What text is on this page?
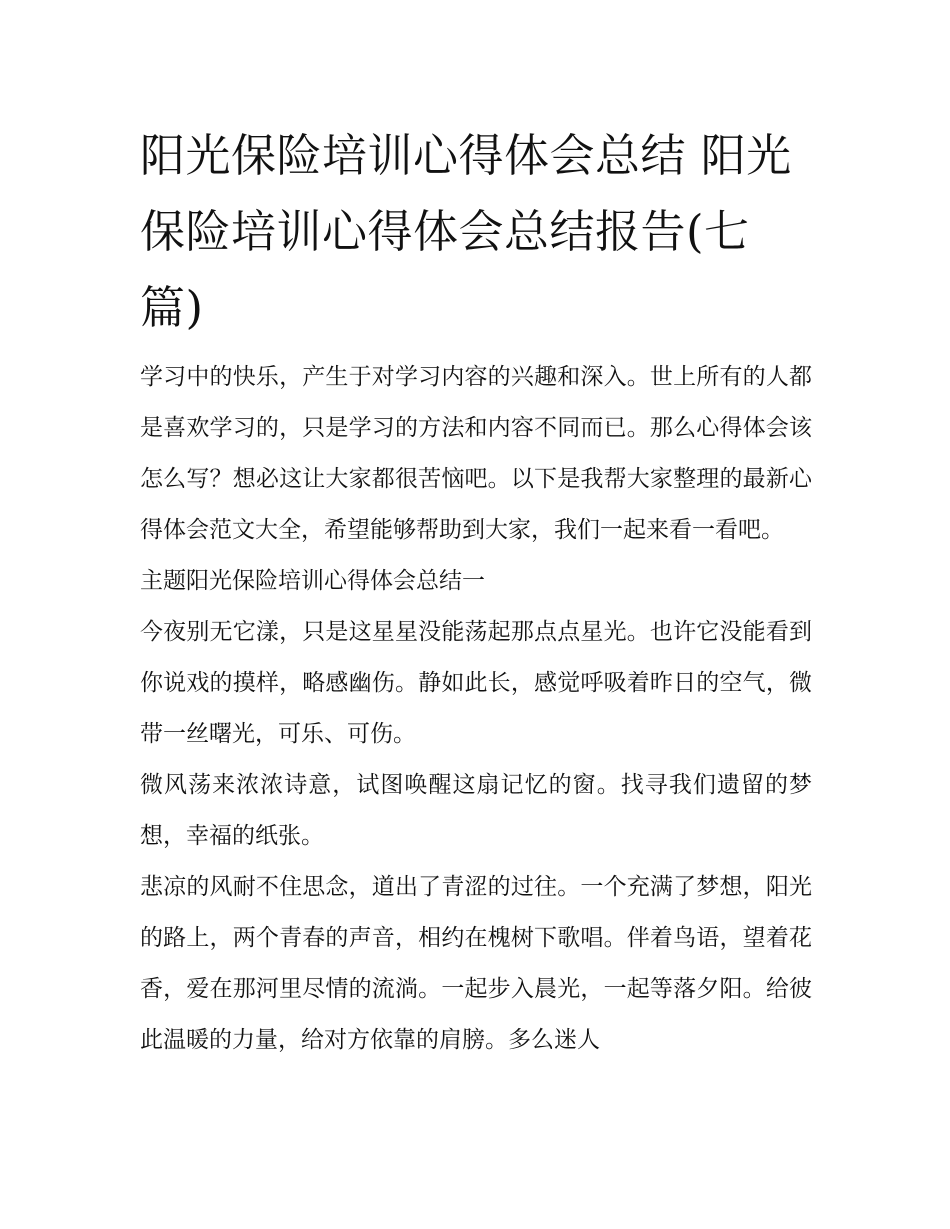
阳光保险培训心得体会总结 阳光保险培训心得体会总结报告(七篇)

学习中的快乐，产生于对学习内容的兴趣和深入。世上所有的人都是喜欢学习的，只是学习的方法和内容不同而已。那么心得体会该怎么写？想必这让大家都很苦恼吧。以下是我帮大家整理的最新心得体会范文大全，希望能够帮助到大家，我们一起来看一看吧。

主题阳光保险培训心得体会总结一

今夜别无它漾，只是这星星没能荡起那点点星光。也许它没能看到你说戏的摸样，略感幽伤。静如此长，感觉呼吸着昨日的空气，微带一丝曙光，可乐、可伤。

微风荡来浓浓诗意，试图唤醒这扇记忆的窗。找寻我们遗留的梦想，幸福的纸张。

悲凉的风耐不住思念，道出了青涩的过往。一个充满了梦想，阳光的路上，两个青春的声音，相约在槐树下歌唱。伴着鸟语，望着花香，爱在那河里尽情的流淌。一起步入晨光，一起等落夕阳。给彼此温暖的力量，给对方依靠的肩膀。多么迷人
